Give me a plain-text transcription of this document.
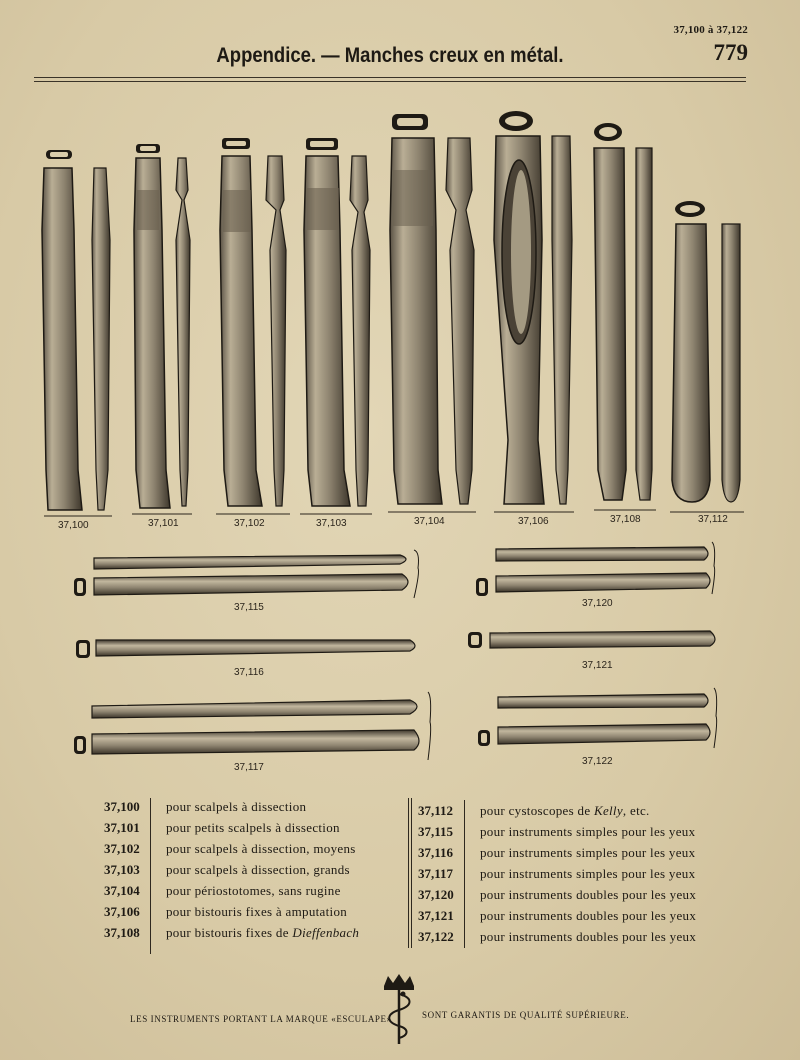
37,100 à 37,122
Appendice. — Manches creux en métal.	779
37,100	37,101	37,102	37,103	37,104	37,106	37,108	37,112
37,115
37,116
37,117
37,120
37,121
37,122
37,100 pour scalpels à dissection
37,101 pour petits scalpels à dissection
37,102 pour scalpels à dissection, moyens
37,103 pour scalpels à dissection, grands
37,104 pour périostotomes, sans rugine
37,106 pour bistouris fixes à amputation
37,108 pour bistouris fixes de Dieffenbach
37,112 pour cystoscopes de Kelly, etc.
37,115 pour instruments simples pour les yeux
37,116 pour instruments simples pour les yeux
37,117 pour instruments simples pour les yeux
37,120 pour instruments doubles pour les yeux
37,121 pour instruments doubles pour les yeux
37,122 pour instruments doubles pour les yeux
LES INSTRUMENTS PORTANT LA MARQUE «ESCULAPE»	SONT GARANTIS DE QUALITÉ SUPÉRIEURE.
